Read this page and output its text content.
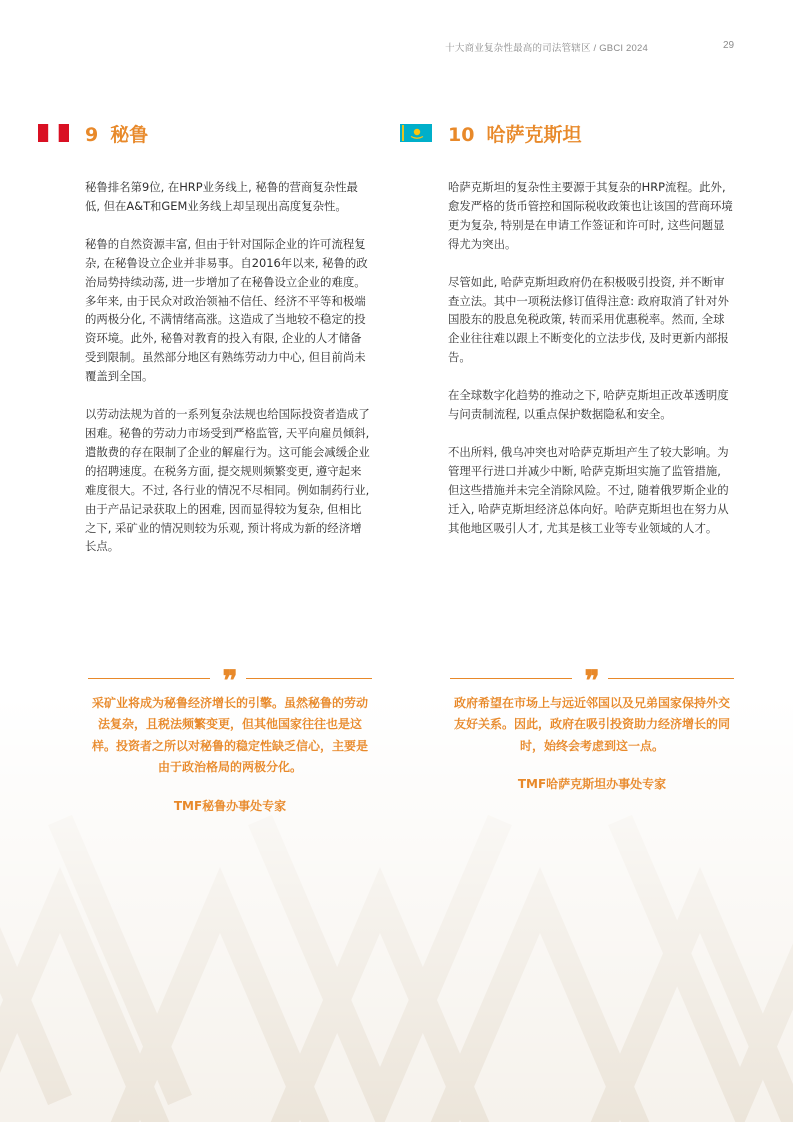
十大商业复杂性最高的司法管辖区 / GBCI 2024	29
9 秘鲁

秘鲁排名第9位, 在HRP业务线上, 秘鲁的营商复杂性最低, 但在A&T和GEM业务线上却呈现出高度复杂性。

秘鲁的自然资源丰富, 但由于针对国际企业的许可流程复杂, 在秘鲁设立企业并非易事。自2016年以来, 秘鲁的政治局势持续动荡, 进一步增加了在秘鲁设立企业的难度。多年来, 由于民众对政治领袖不信任、经济不平等和极端的两极分化, 不满情绪高涨。这造成了当地较不稳定的投资环境。此外, 秘鲁对教育的投入有限, 企业的人才储备受到限制。虽然部分地区有熟练劳动力中心, 但目前尚未覆盖到全国。

以劳动法规为首的一系列复杂法规也给国际投资者造成了困难。秘鲁的劳动力市场受到严格监管, 天平向雇员倾斜, 遣散费的存在限制了企业的解雇行为。这可能会减缓企业的招聘速度。在税务方面, 提交规则频繁变更, 遵守起来难度很大。不过, 各行业的情况不尽相同。例如制药行业, 由于产品记录获取上的困难, 因而显得较为复杂, 但相比之下, 采矿业的情况则较为乐观, 预计将成为新的经济增长点。

❞
采矿业将成为秘鲁经济增长的引擎。虽然秘鲁的劳动法复杂，且税法频繁变更，但其他国家往往也是这样。投资者之所以对秘鲁的稳定性缺乏信心，主要是由于政治格局的两极分化。
TMF秘鲁办事处专家
10 哈萨克斯坦

哈萨克斯坦的复杂性主要源于其复杂的HRP流程。此外, 愈发严格的货币管控和国际税收政策也让该国的营商环境更为复杂, 特别是在申请工作签证和许可时, 这些问题显得尤为突出。

尽管如此, 哈萨克斯坦政府仍在积极吸引投资, 并不断审查立法。其中一项税法修订值得注意: 政府取消了针对外国股东的股息免税政策, 转而采用优惠税率。然而, 全球企业往往难以跟上不断变化的立法步伐, 及时更新内部报告。

在全球数字化趋势的推动之下, 哈萨克斯坦正改革透明度与问责制流程, 以重点保护数据隐私和安全。

不出所料, 俄乌冲突也对哈萨克斯坦产生了较大影响。为管理平行进口并减少中断, 哈萨克斯坦实施了监管措施, 但这些措施并未完全消除风险。不过, 随着俄罗斯企业的迁入, 哈萨克斯坦经济总体向好。哈萨克斯坦也在努力从其他地区吸引人才, 尤其是核工业等专业领域的人才。

❞
政府希望在市场上与远近邻国以及兄弟国家保持外交友好关系。因此，政府在吸引投资助力经济增长的同时，始终会考虑到这一点。
TMF哈萨克斯坦办事处专家
